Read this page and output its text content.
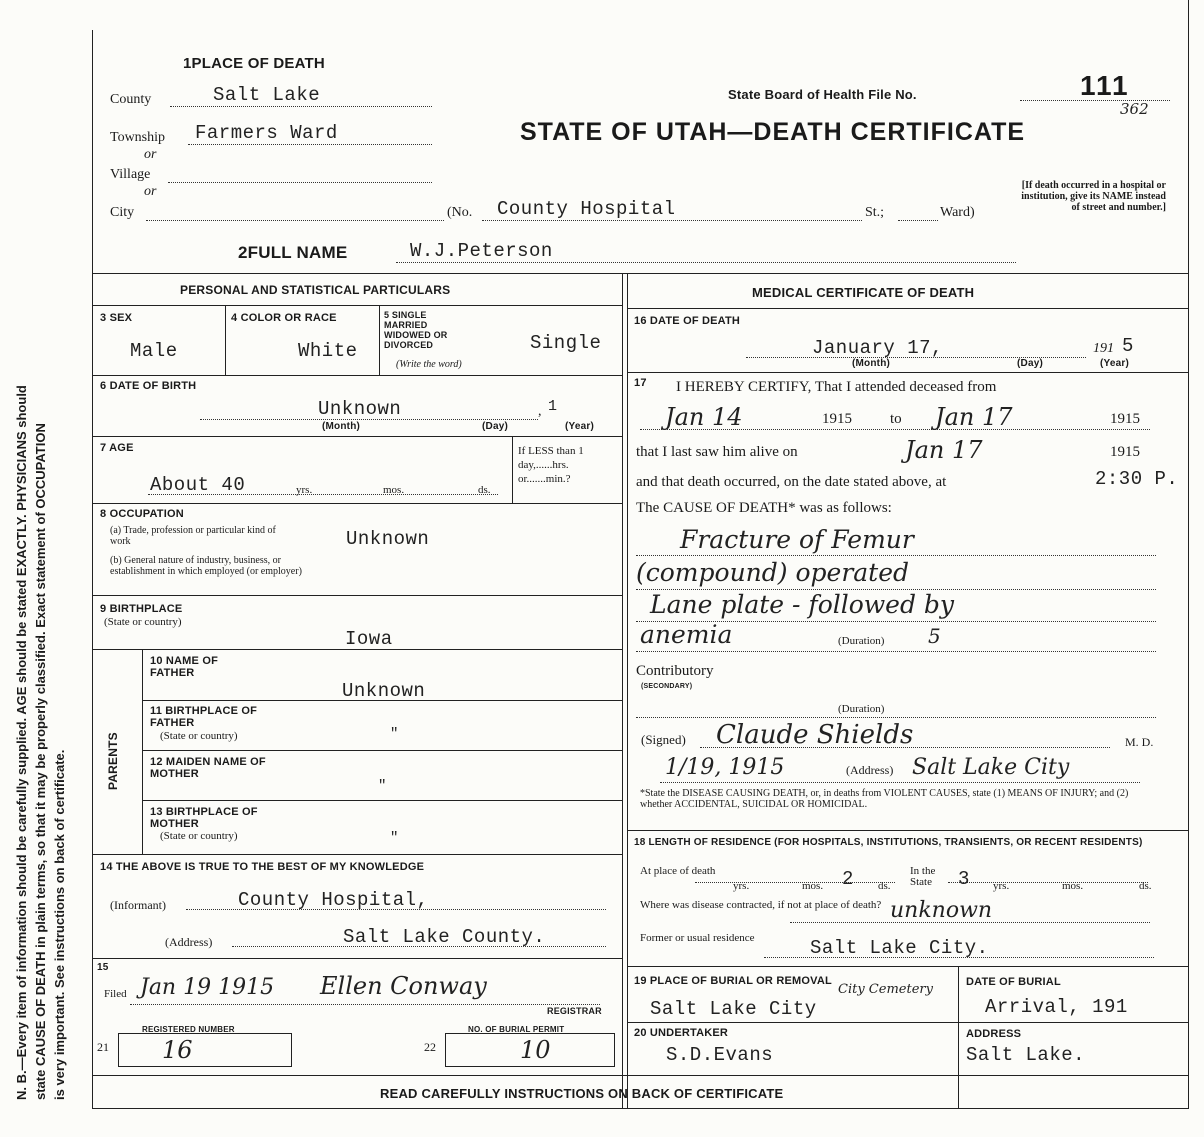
N. B.—Every item of information should be carefully supplied. AGE should be stated EXACTLY. PHYSICIANS should state CAUSE OF DEATH in plain terms, so that it may be properly classified. Exact statement of OCCUPATION is very important. See instructions on back of certificate.
1PLACE OF DEATH
County	Salt Lake
Township Farmers Ward
or
Village
or
City	(No. County Hospital	St.;	Ward)
[If death occurred in a hospital or institution, give its NAME instead of street and number.]
State Board of Health File No.	111
362
STATE OF UTAH—DEATH CERTIFICATE
2FULL NAME	W.J.Peterson
PERSONAL AND STATISTICAL PARTICULARS
3 SEX
Male
4 COLOR OR RACE
White
5 SINGLE MARRIED WIDOWED OR DIVORCED
(Write the word)
Single
6 DATE OF BIRTH
Unknown	, 1
(Month)	(Day)	(Year)
7 AGE
About 40	yrs.	mos.	ds.
If LESS than 1 day,......hrs. or.......min.?
8 OCCUPATION
(a) Trade, profession or particular kind of work	Unknown
(b) General nature of industry, business, or establishment in which employed (or employer)
9 BIRTHPLACE
(State or country)
Iowa
PARENTS
10 NAME OF FATHER
Unknown
11 BIRTHPLACE OF FATHER
(State or country)	"
12 MAIDEN NAME OF MOTHER
"
13 BIRTHPLACE OF MOTHER
(State or country)	"
14 THE ABOVE IS TRUE TO THE BEST OF MY KNOWLEDGE
(Informant)	County Hospital,
(Address)	Salt Lake County.
15
Filed Jan 19 1915 Ellen Conway
REGISTRAR
REGISTERED NUMBER
21 16
NO. OF BURIAL PERMIT
22	10
MEDICAL CERTIFICATE OF DEATH
16 DATE OF DEATH
January 17,	191 5
(Month)	(Day)	(Year)
17 I HEREBY CERTIFY, That I attended deceased from
Jan 14	1915	to Jan 17	1915
that I last saw him alive on	Jan 17	1915
and that death occurred, on the date stated above, at	2:30 P.
The CAUSE OF DEATH* was as follows:
Fracture of Femur
(compound) operated
Lane plate - followed by
anemia	(Duration) 5
Contributory
(SECONDARY)
(Duration)
(Signed) Claude Shields	M. D.
1/19, 1915	(Address) Salt Lake City
*State the DISEASE CAUSING DEATH, or, in deaths from VIOLENT CAUSES, state (1) MEANS OF INJURY; and (2) whether ACCIDENTAL, SUICIDAL OR HOMICIDAL.
18 LENGTH OF RESIDENCE (FOR HOSPITALS, INSTITUTIONS, TRANSIENTS, OR RECENT RESIDENTS)
At place of death
yrs.	mos. 2 ds.
In the State	3 yrs.	mos.	ds.
Where was disease contracted, if not at place of death? unknown
Former or usual residence	Salt Lake City.
19 PLACE OF BURIAL OR REMOVAL
Salt Lake City
City Cemetery	DATE OF BURIAL
Arrival, 191
20 UNDERTAKER
S.D.Evans
ADDRESS
Salt Lake.
READ CAREFULLY INSTRUCTIONS ON BACK OF CERTIFICATE
